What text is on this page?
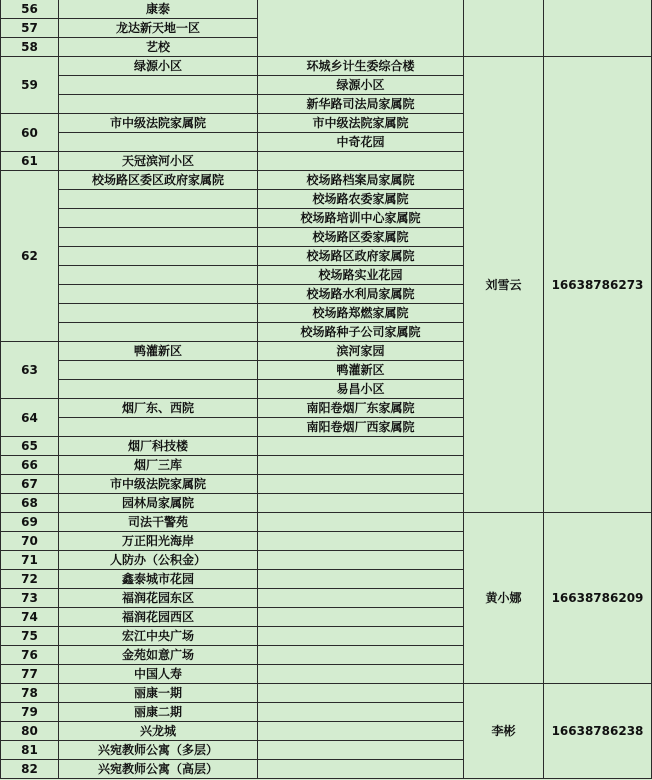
56	康泰			
57	龙达新天地一区			
58	艺校			
59	绿源小区	环城乡计生委综合楼	刘雪云	16638786273
		绿源小区		
		新华路司法局家属院		
60	市中级法院家属院	市中级法院家属院		
		中奇花园		
61	天冠滨河小区			
62	校场路区委区政府家属院	校场路档案局家属院		
		校场路农委家属院		
		校场路培训中心家属院		
		校场路区委家属院		
		校场路区政府家属院		
		校场路实业花园		
		校场路水利局家属院		
		校场路郑燃家属院		
		校场路种子公司家属院		
63	鸭灌新区	滨河家园		
		鸭灌新区		
		易昌小区		
64	烟厂东、西院	南阳卷烟厂东家属院		
		南阳卷烟厂西家属院		
65	烟厂科技楼			
66	烟厂三库			
67	市中级法院家属院			
68	园林局家属院			
69	司法干警苑		黄小娜	16638786209
70	万正阳光海岸			
71	人防办（公积金）			
72	鑫泰城市花园			
73	福润花园东区			
74	福润花园西区			
75	宏江中央广场			
76	金苑如意广场			
77	中国人寿			
78	丽康一期		李彬	16638786238
79	丽康二期			
80	兴龙城			
81	兴宛教师公寓（多层）			
82	兴宛教师公寓（高层）			
